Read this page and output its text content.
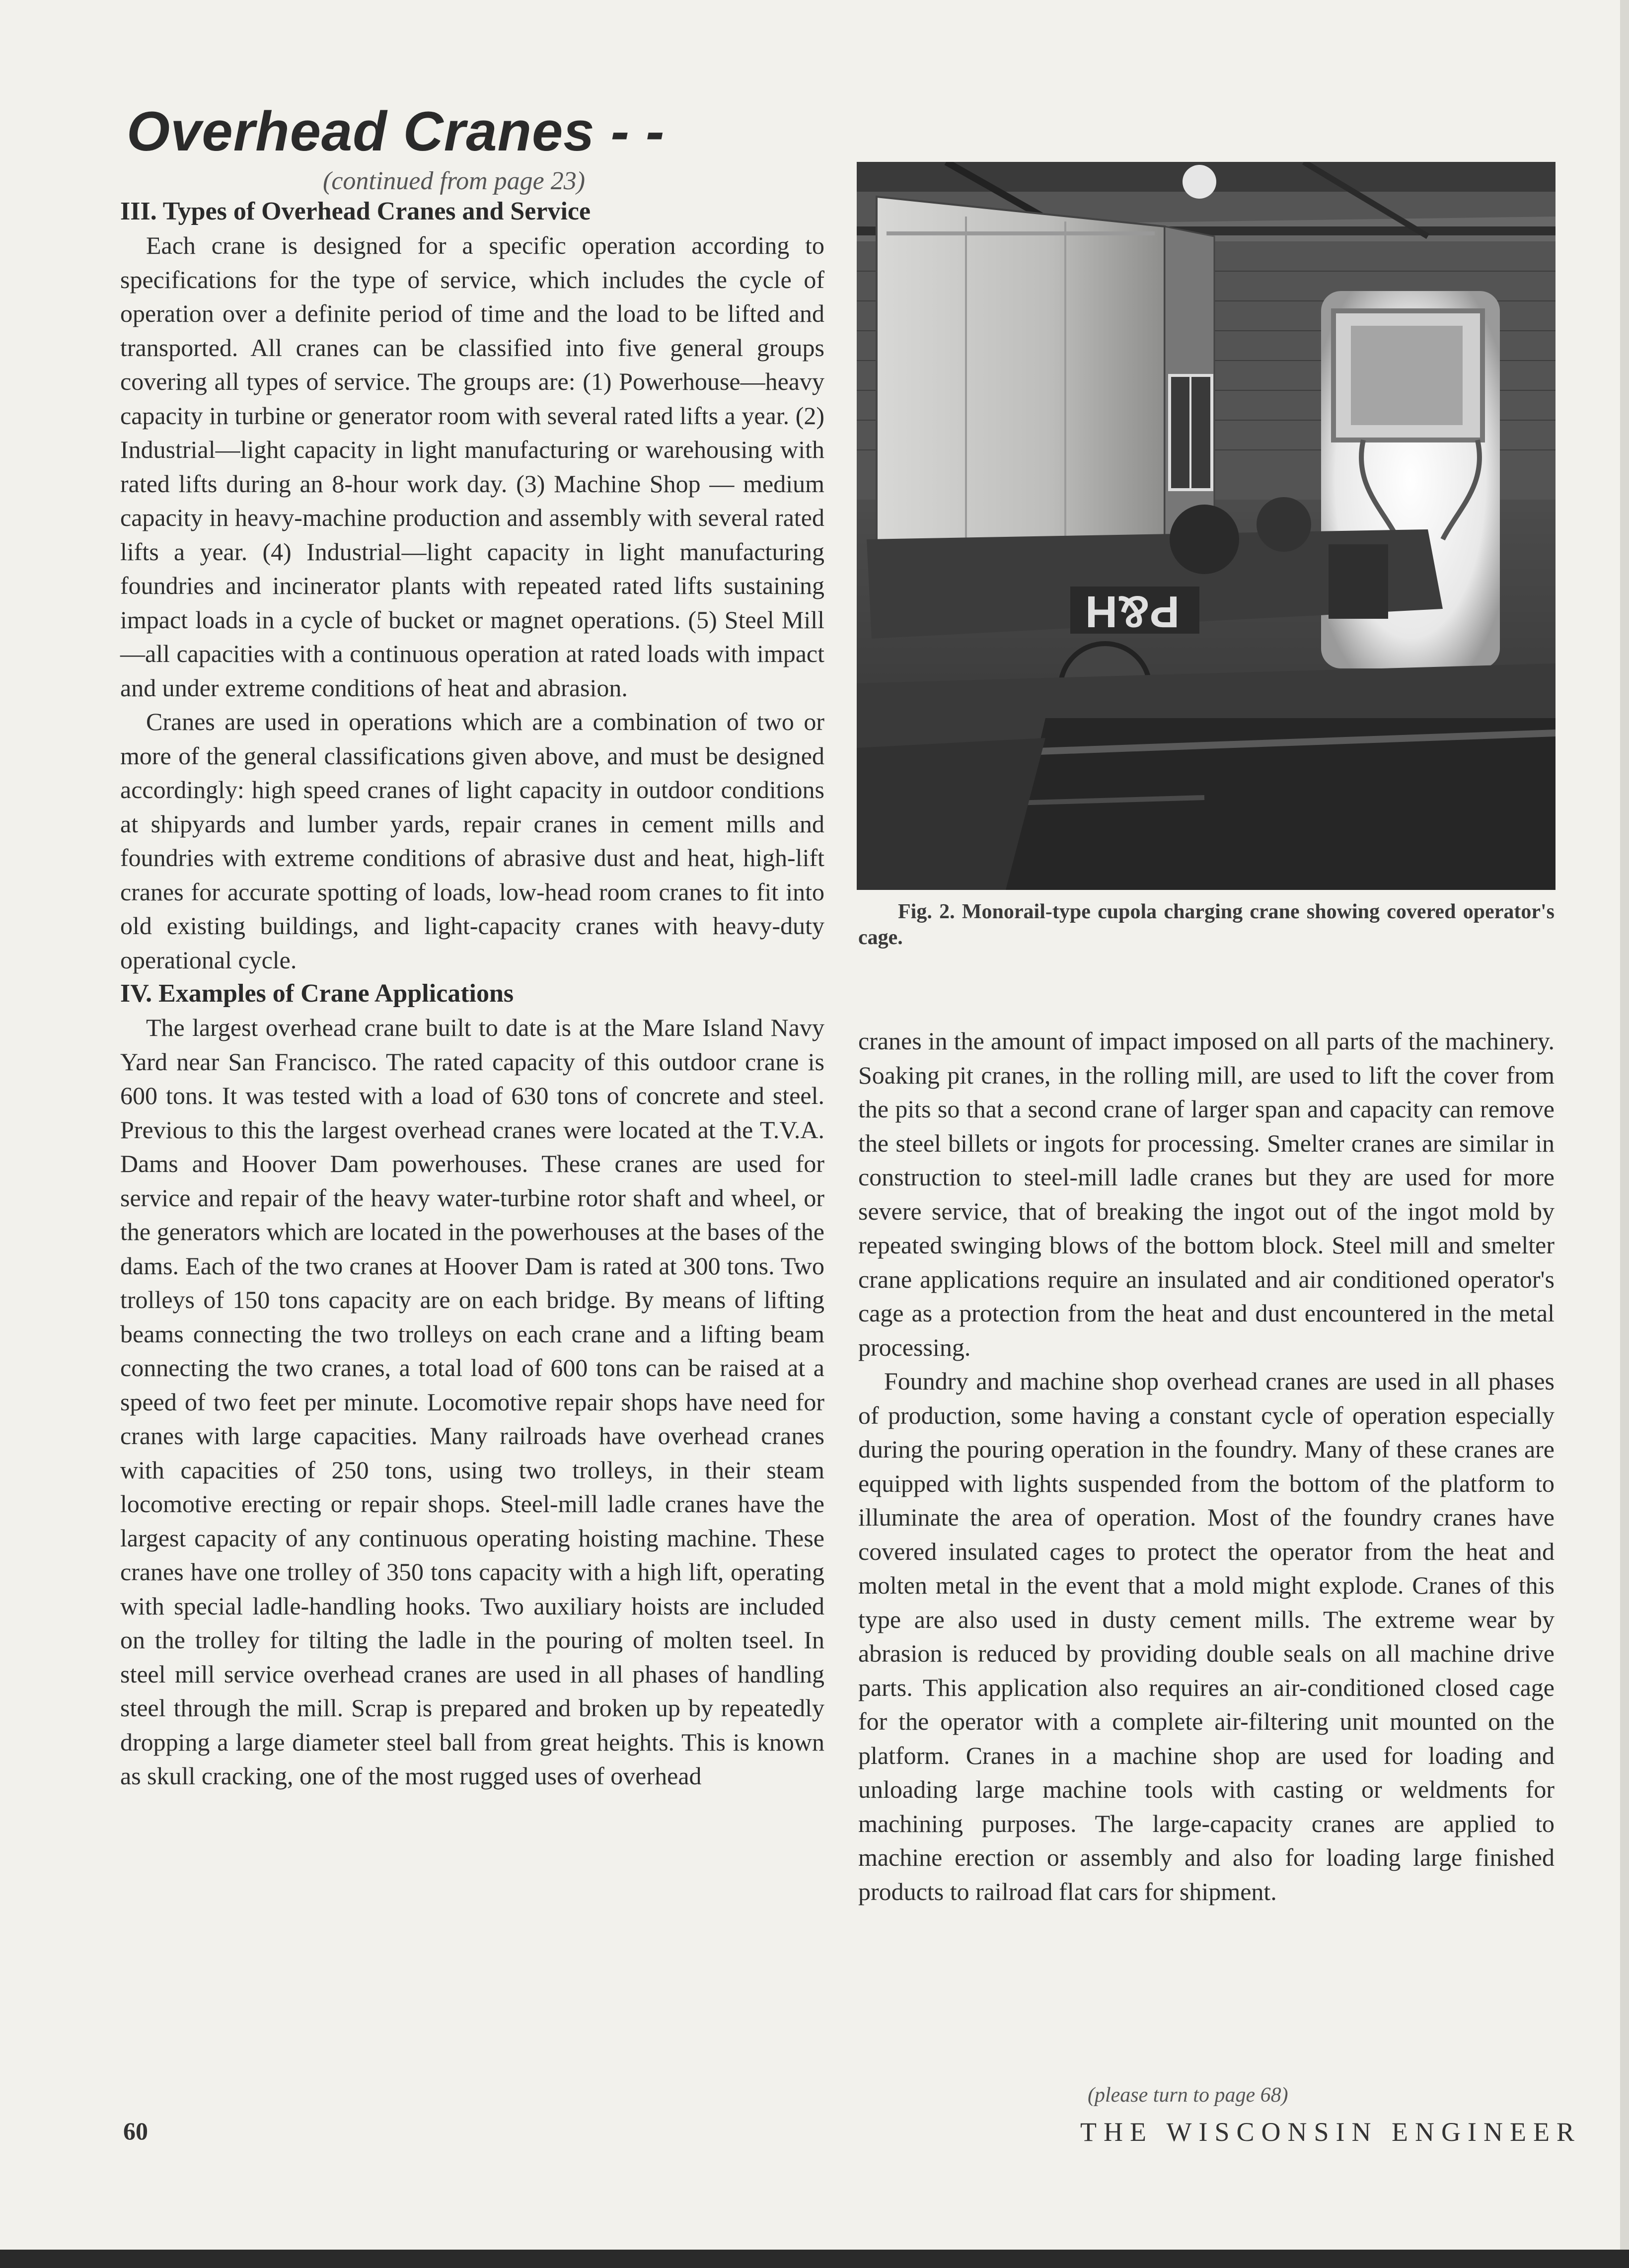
Overhead Cranes - -
(continued from page 23)
III. Types of Overhead Cranes and Service

Each crane is designed for a specific operation according to specifications for the type of service, which includes the cycle of operation over a definite period of time and the load to be lifted and transported. All cranes can be classified into five general groups covering all types of service. The groups are: (1) Powerhouse—heavy capacity in turbine or generator room with several rated lifts a year. (2) Industrial—light capacity in light manufacturing or warehousing with rated lifts during an 8-hour work day. (3) Machine Shop — medium capacity in heavy-machine production and assembly with several rated lifts a year. (4) Industrial—light capacity in light manufacturing foundries and incinerator plants with repeated rated lifts sustaining impact loads in a cycle of bucket or magnet operations. (5) Steel Mill—all capacities with a continuous operation at rated loads with impact and under extreme conditions of heat and abrasion.

Cranes are used in operations which are a combination of two or more of the general classifications given above, and must be designed accordingly: high speed cranes of light capacity in outdoor conditions at shipyards and lumber yards, repair cranes in cement mills and foundries with extreme conditions of abrasive dust and heat, high-lift cranes for accurate spotting of loads, low-head room cranes to fit into old existing buildings, and light-capacity cranes with heavy-duty operational cycle.

IV. Examples of Crane Applications

The largest overhead crane built to date is at the Mare Island Navy Yard near San Francisco. The rated capacity of this outdoor crane is 600 tons. It was tested with a load of 630 tons of concrete and steel. Previous to this the largest overhead cranes were located at the T.V.A. Dams and Hoover Dam powerhouses. These cranes are used for service and repair of the heavy water-turbine rotor shaft and wheel, or the generators which are located in the powerhouses at the bases of the dams. Each of the two cranes at Hoover Dam is rated at 300 tons. Two trolleys of 150 tons capacity are on each bridge. By means of lifting beams connecting the two trolleys on each crane and a lifting beam connecting the two cranes, a total load of 600 tons can be raised at a speed of two feet per minute. Locomotive repair shops have need for cranes with large capacities. Many railroads have overhead cranes with capacities of 250 tons, using two trolleys, in their steam locomotive erecting or repair shops. Steel-mill ladle cranes have the largest capacity of any continuous operating hoisting machine. These cranes have one trolley of 350 tons capacity with a high lift, operating with special ladle-handling hooks. Two auxiliary hoists are included on the trolley for tilting the ladle in the pouring of molten tseel. In steel mill service overhead cranes are used in all phases of handling steel through the mill. Scrap is prepared and broken up by repeatedly dropping a large diameter steel ball from great heights. This is known as skull cracking, one of the most rugged uses of overhead

P&H
Fig. 2. Monorail-type cupola charging crane showing covered operator's cage.

cranes in the amount of impact imposed on all parts of the machinery. Soaking pit cranes, in the rolling mill, are used to lift the cover from the pits so that a second crane of larger span and capacity can remove the steel billets or ingots for processing. Smelter cranes are similar in construction to steel-mill ladle cranes but they are used for more severe service, that of breaking the ingot out of the ingot mold by repeated swinging blows of the bottom block. Steel mill and smelter crane applications require an insulated and air conditioned operator's cage as a protection from the heat and dust encountered in the metal processing.

Foundry and machine shop overhead cranes are used in all phases of production, some having a constant cycle of operation especially during the pouring operation in the foundry. Many of these cranes are equipped with lights suspended from the bottom of the platform to illuminate the area of operation. Most of the foundry cranes have covered insulated cages to protect the operator from the heat and molten metal in the event that a mold might explode. Cranes of this type are also used in dusty cement mills. The extreme wear by abrasion is reduced by providing double seals on all machine drive parts. This application also requires an air-conditioned closed cage for the operator with a complete air-filtering unit mounted on the platform. Cranes in a machine shop are used for loading and unloading large machine tools with casting or weldments for machining purposes. The large-capacity cranes are applied to machine erection or assembly and also for loading large finished products to railroad flat cars for shipment.

(please turn to page 68)
60	THE WISCONSIN ENGINEER
